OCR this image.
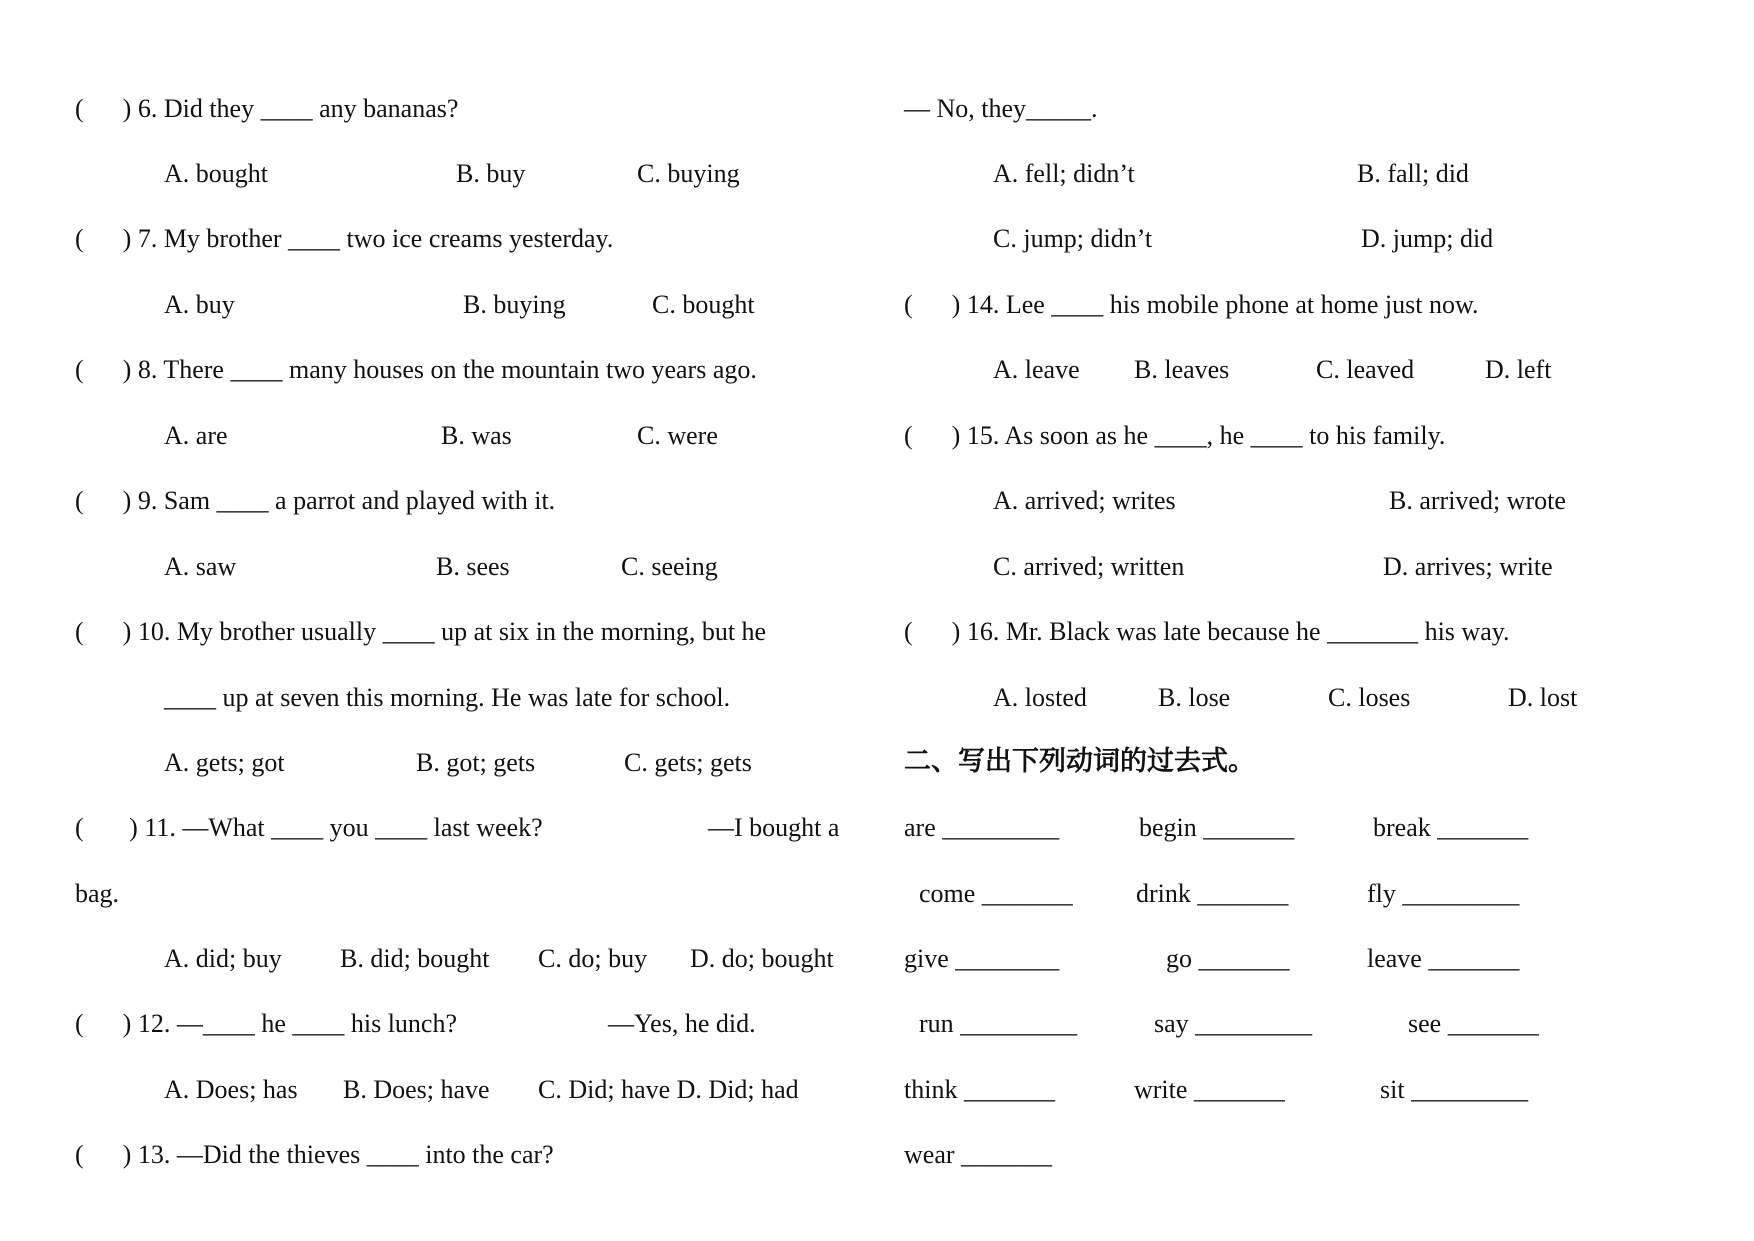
(      ) 6. Did they ____ any bananas?
A. bought	B. buy	C. buying
(      ) 7. My brother ____ two ice creams yesterday.
A. buy	B. buying	C. bought
(      ) 8. There ____ many houses on the mountain two years ago.
A. are	B. was	C. were
(      ) 9. Sam ____ a parrot and played with it.
A. saw	B. sees	C. seeing
(      ) 10. My brother usually ____ up at six in the morning, but he
____ up at seven this morning. He was late for school.
A. gets; got	B. got; gets	C. gets; gets
(       ) 11. —What ____ you ____ last week?	—I bought a
bag.
A. did; buy B. did; bought C. do; buy D. do; bought
(      ) 12. —____ he ____ his lunch?	—Yes, he did.
A. Does; has B. Does; have C. Did; have D. Did; had
(      ) 13. —Did the thieves ____ into the car?
— No, they_____.
A. fell; didn’t	B. fall; did
C. jump; didn’t	D. jump; did
(      ) 14. Lee ____ his mobile phone at home just now.
A. leave B. leaves	C. leaved	D. left
(      ) 15. As soon as he ____, he ____ to his family.
A. arrived; writes	B. arrived; wrote
C. arrived; written	D. arrives; write
(      ) 16. Mr. Black was late because he _______ his way.
A. losted	B. lose	C. loses	D. lost
二、写出下列动词的过去式。
are _________	begin _______	break _______
come _______ drink _______	fly _________
give ________	go _______	leave _______
run _________	say _________	see _______
think _______	write _______	sit _________
wear _______
